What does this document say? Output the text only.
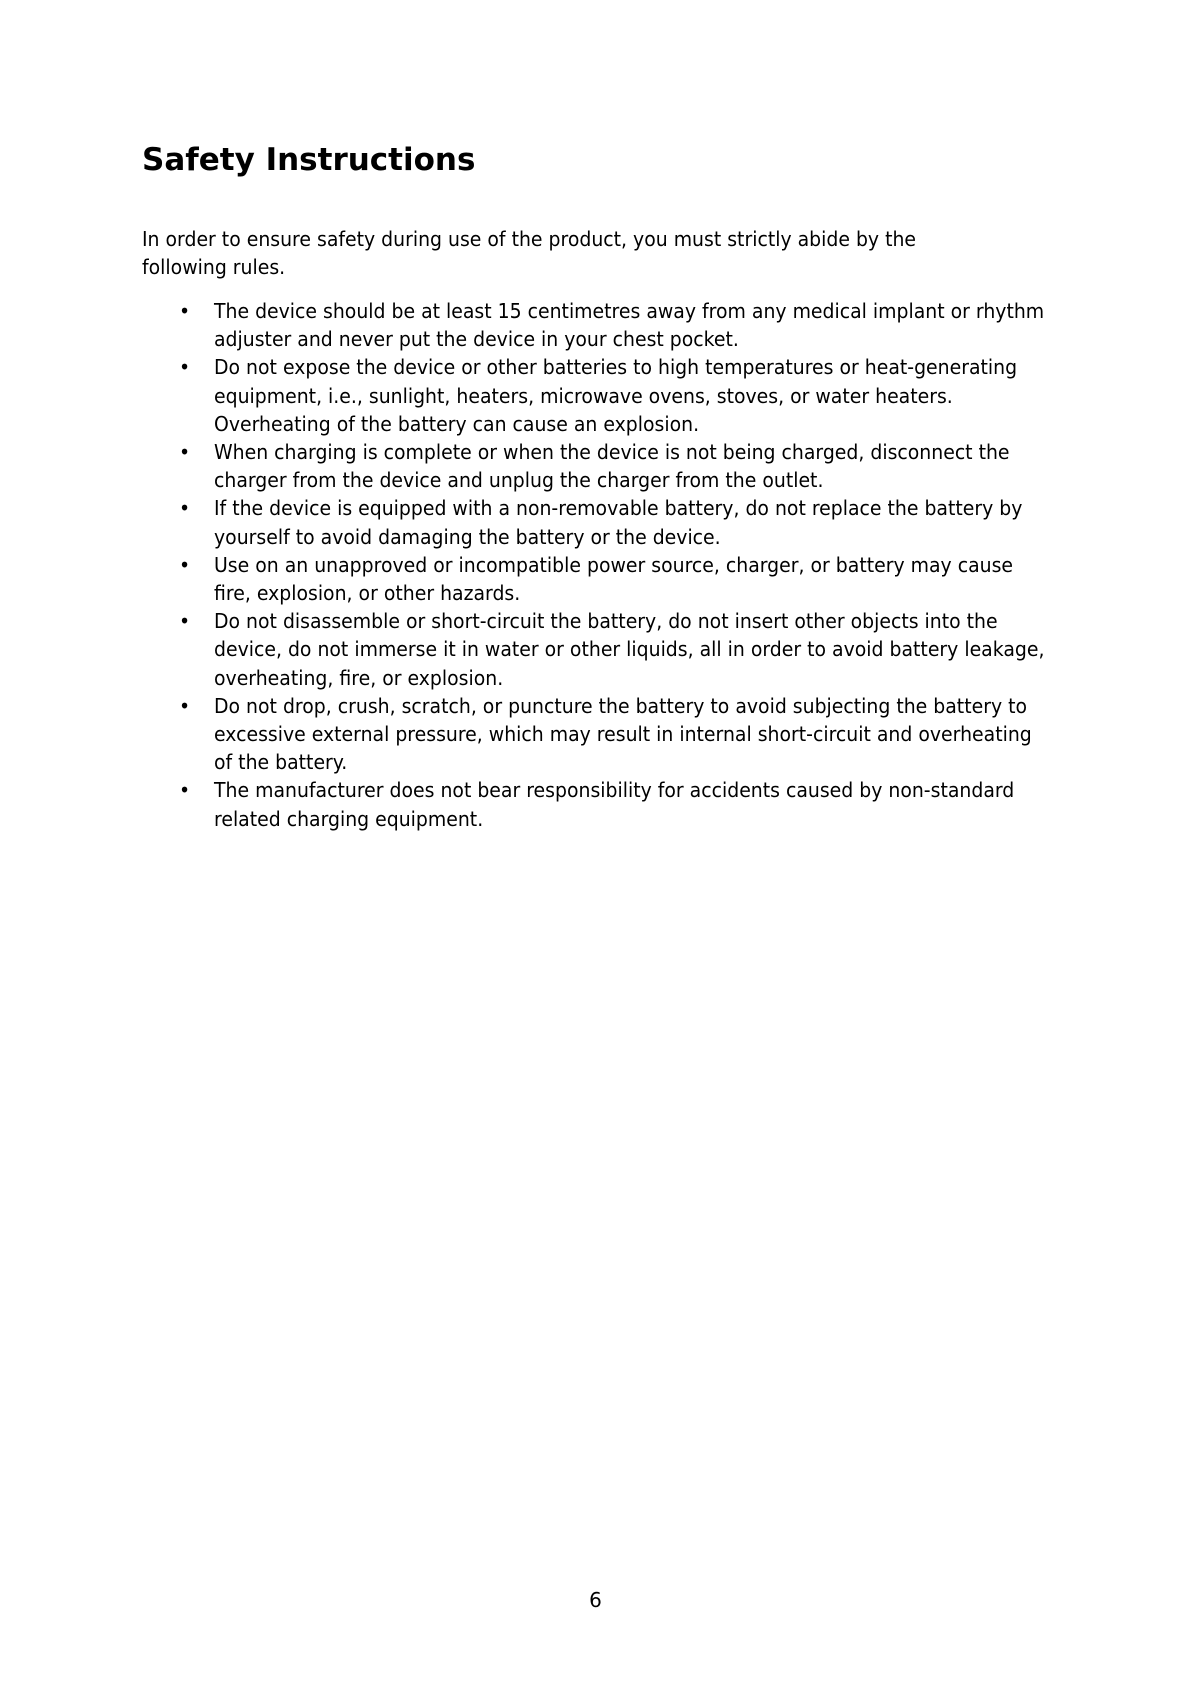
Safety Instructions

In order to ensure safety during use of the product, you must strictly abide by the following rules.

• The device should be at least 15 centimetres away from any medical implant or rhythm adjuster and never put the device in your chest pocket.
• Do not expose the device or other batteries to high temperatures or heat-generating equipment, i.e., sunlight, heaters, microwave ovens, stoves, or water heaters. Overheating of the battery can cause an explosion.
• When charging is complete or when the device is not being charged, disconnect the charger from the device and unplug the charger from the outlet.
• If the device is equipped with a non-removable battery, do not replace the battery by yourself to avoid damaging the battery or the device.
• Use on an unapproved or incompatible power source, charger, or battery may cause fire, explosion, or other hazards.
• Do not disassemble or short-circuit the battery, do not insert other objects into the device, do not immerse it in water or other liquids, all in order to avoid battery leakage, overheating, fire, or explosion.
• Do not drop, crush, scratch, or puncture the battery to avoid subjecting the battery to excessive external pressure, which may result in internal short-circuit and overheating of the battery.
• The manufacturer does not bear responsibility for accidents caused by non-standard related charging equipment.
6
